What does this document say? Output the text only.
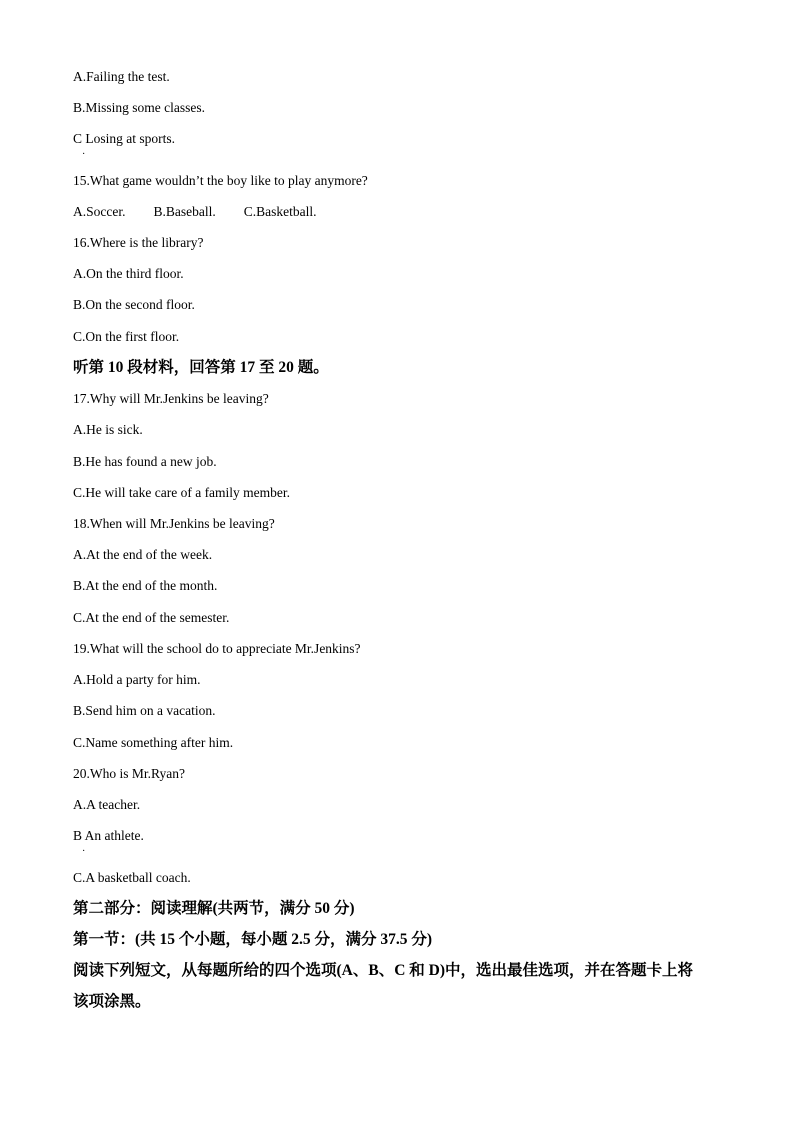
A.Failing the test.
B.Missing some classes.
C Losing at sports.
·
15.What game wouldn’t the boy like to play anymore?
A.Soccer. B.Baseball. C.Basketball.
16.Where is the library?
A.On the third floor.
B.On the second floor.
C.On the first floor.
听第 10 段材料，回答第 17 至 20 题。
17.Why will Mr.Jenkins be leaving?
A.He is sick.
B.He has found a new job.
C.He will take care of a family member.
18.When will Mr.Jenkins be leaving?
A.At the end of the week.
B.At the end of the month.
C.At the end of the semester.
19.What will the school do to appreciate Mr.Jenkins?
A.Hold a party for him.
B.Send him on a vacation.
C.Name something after him.
20.Who is Mr.Ryan?
A.A teacher.
B An athlete.
·
C.A basketball coach.
第二部分：阅读理解(共两节，满分 50 分)
第一节：(共 15 个小题，每小题 2.5 分，满分 37.5 分)
阅读下列短文，从每题所给的四个选项(A、B、C 和 D)中，选出最佳选项，并在答题卡上将
该项涂黑。
